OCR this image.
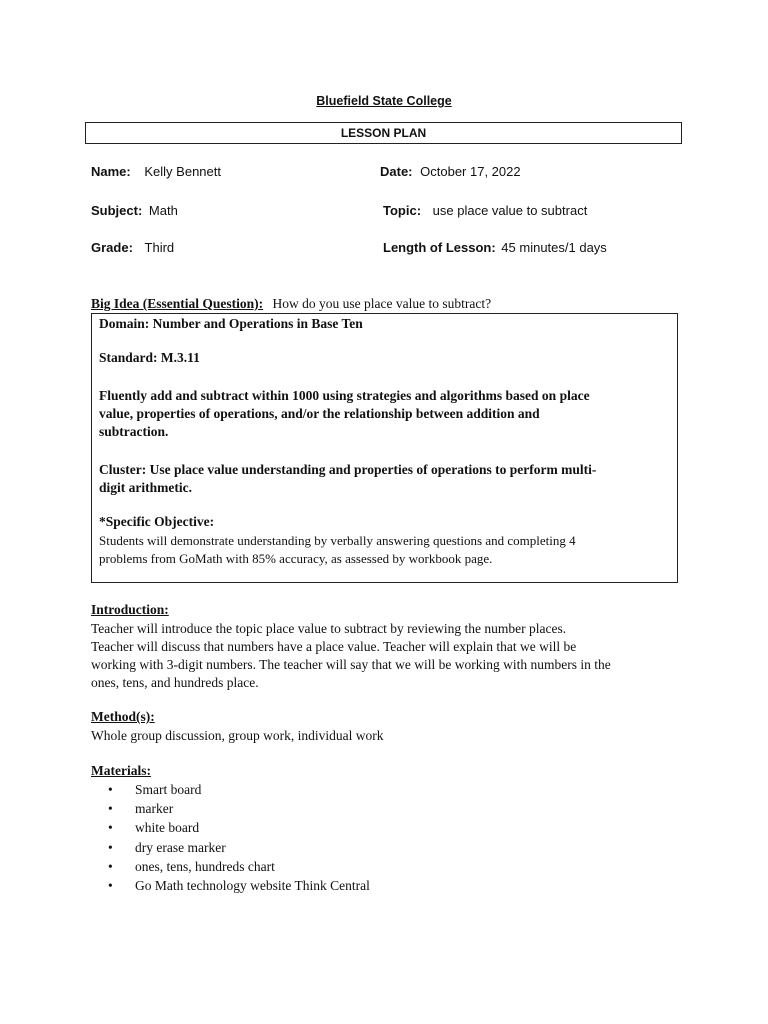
Bluefield State College
LESSON PLAN
Name: Kelly Bennett	Date: October 17, 2022
Subject: Math	Topic: use place value to subtract
Grade: Third	Length of Lesson: 45 minutes/1 days
Big Idea (Essential Question): How do you use place value to subtract?
Domain: Number and Operations in Base Ten
Standard: M.3.11
Fluently add and subtract within 1000 using strategies and algorithms based on place
value, properties of operations, and/or the relationship between addition and
subtraction.
Cluster: Use place value understanding and properties of operations to perform multi-
digit arithmetic.
*Specific Objective:
Students will demonstrate understanding by verbally answering questions and completing 4
problems from GoMath with 85% accuracy, as assessed by workbook page.
Introduction:
Teacher will introduce the topic place value to subtract by reviewing the number places.
Teacher will discuss that numbers have a place value. Teacher will explain that we will be
working with 3-digit numbers. The teacher will say that we will be working with numbers in the
ones, tens, and hundreds place.
Method(s):
Whole group discussion, group work, individual work
Materials:
• Smart board
• marker
• white board
• dry erase marker
• ones, tens, hundreds chart
• Go Math technology website Think Central
